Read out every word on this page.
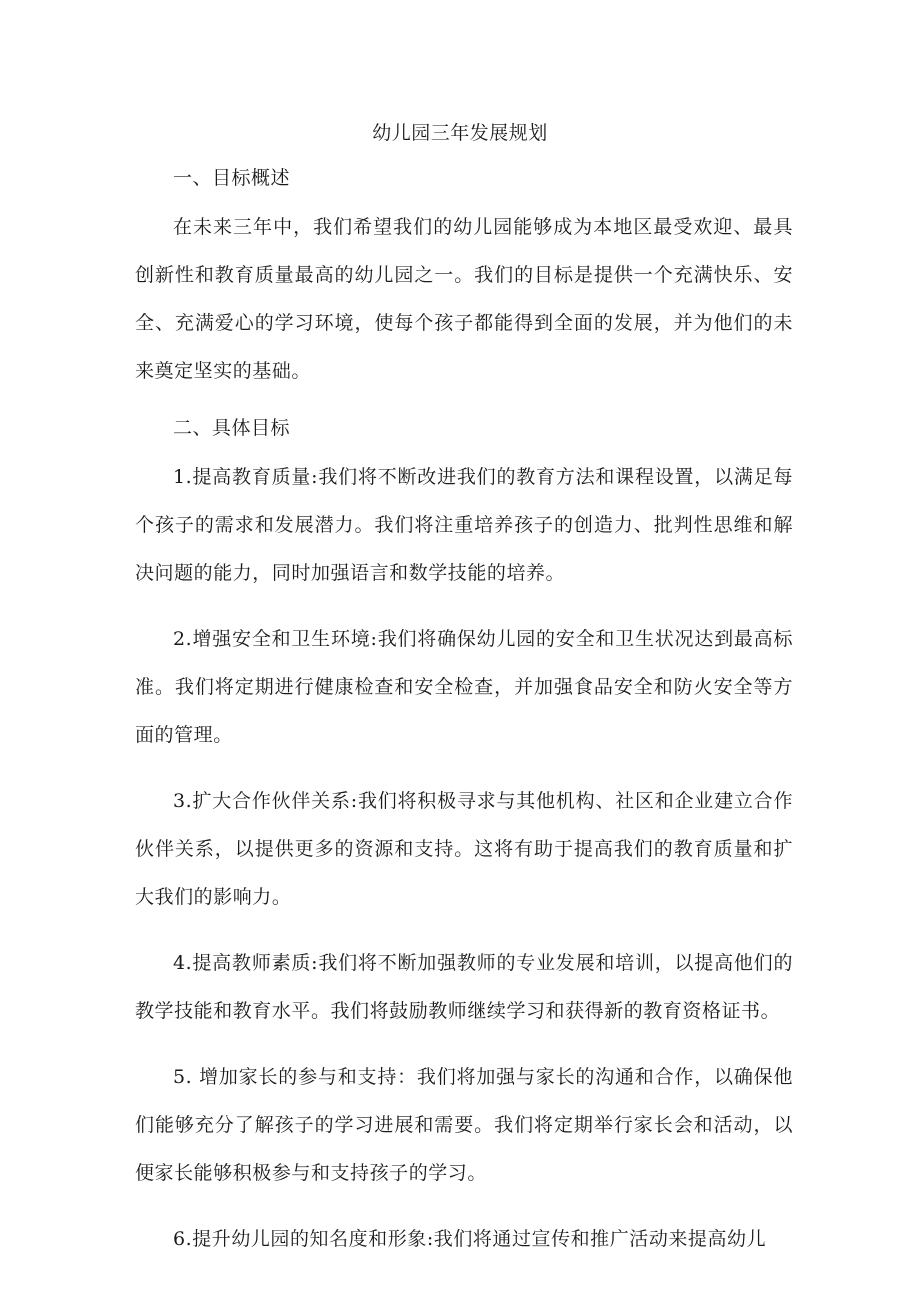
幼儿园三年发展规划
一、目标概述

在未来三年中，我们希望我们的幼儿园能够成为本地区最受欢迎、最具创新性和教育质量最高的幼儿园之一。我们的目标是提供一个充满快乐、安全、充满爱心的学习环境，使每个孩子都能得到全面的发展，并为他们的未来奠定坚实的基础。

二、具体目标

1.提高教育质量:我们将不断改进我们的教育方法和课程设置，以满足每个孩子的需求和发展潜力。我们将注重培养孩子的创造力、批判性思维和解决问题的能力，同时加强语言和数学技能的培养。

2.增强安全和卫生环境:我们将确保幼儿园的安全和卫生状况达到最高标准。我们将定期进行健康检查和安全检查，并加强食品安全和防火安全等方面的管理。

3.扩大合作伙伴关系:我们将积极寻求与其他机构、社区和企业建立合作伙伴关系，以提供更多的资源和支持。这将有助于提高我们的教育质量和扩大我们的影响力。

4.提高教师素质:我们将不断加强教师的专业发展和培训，以提高他们的教学技能和教育水平。我们将鼓励教师继续学习和获得新的教育资格证书。

5. 增加家长的参与和支持：我们将加强与家长的沟通和合作，以确保他们能够充分了解孩子的学习进展和需要。我们将定期举行家长会和活动，以便家长能够积极参与和支持孩子的学习。

6.提升幼儿园的知名度和形象:我们将通过宣传和推广活动来提高幼儿
